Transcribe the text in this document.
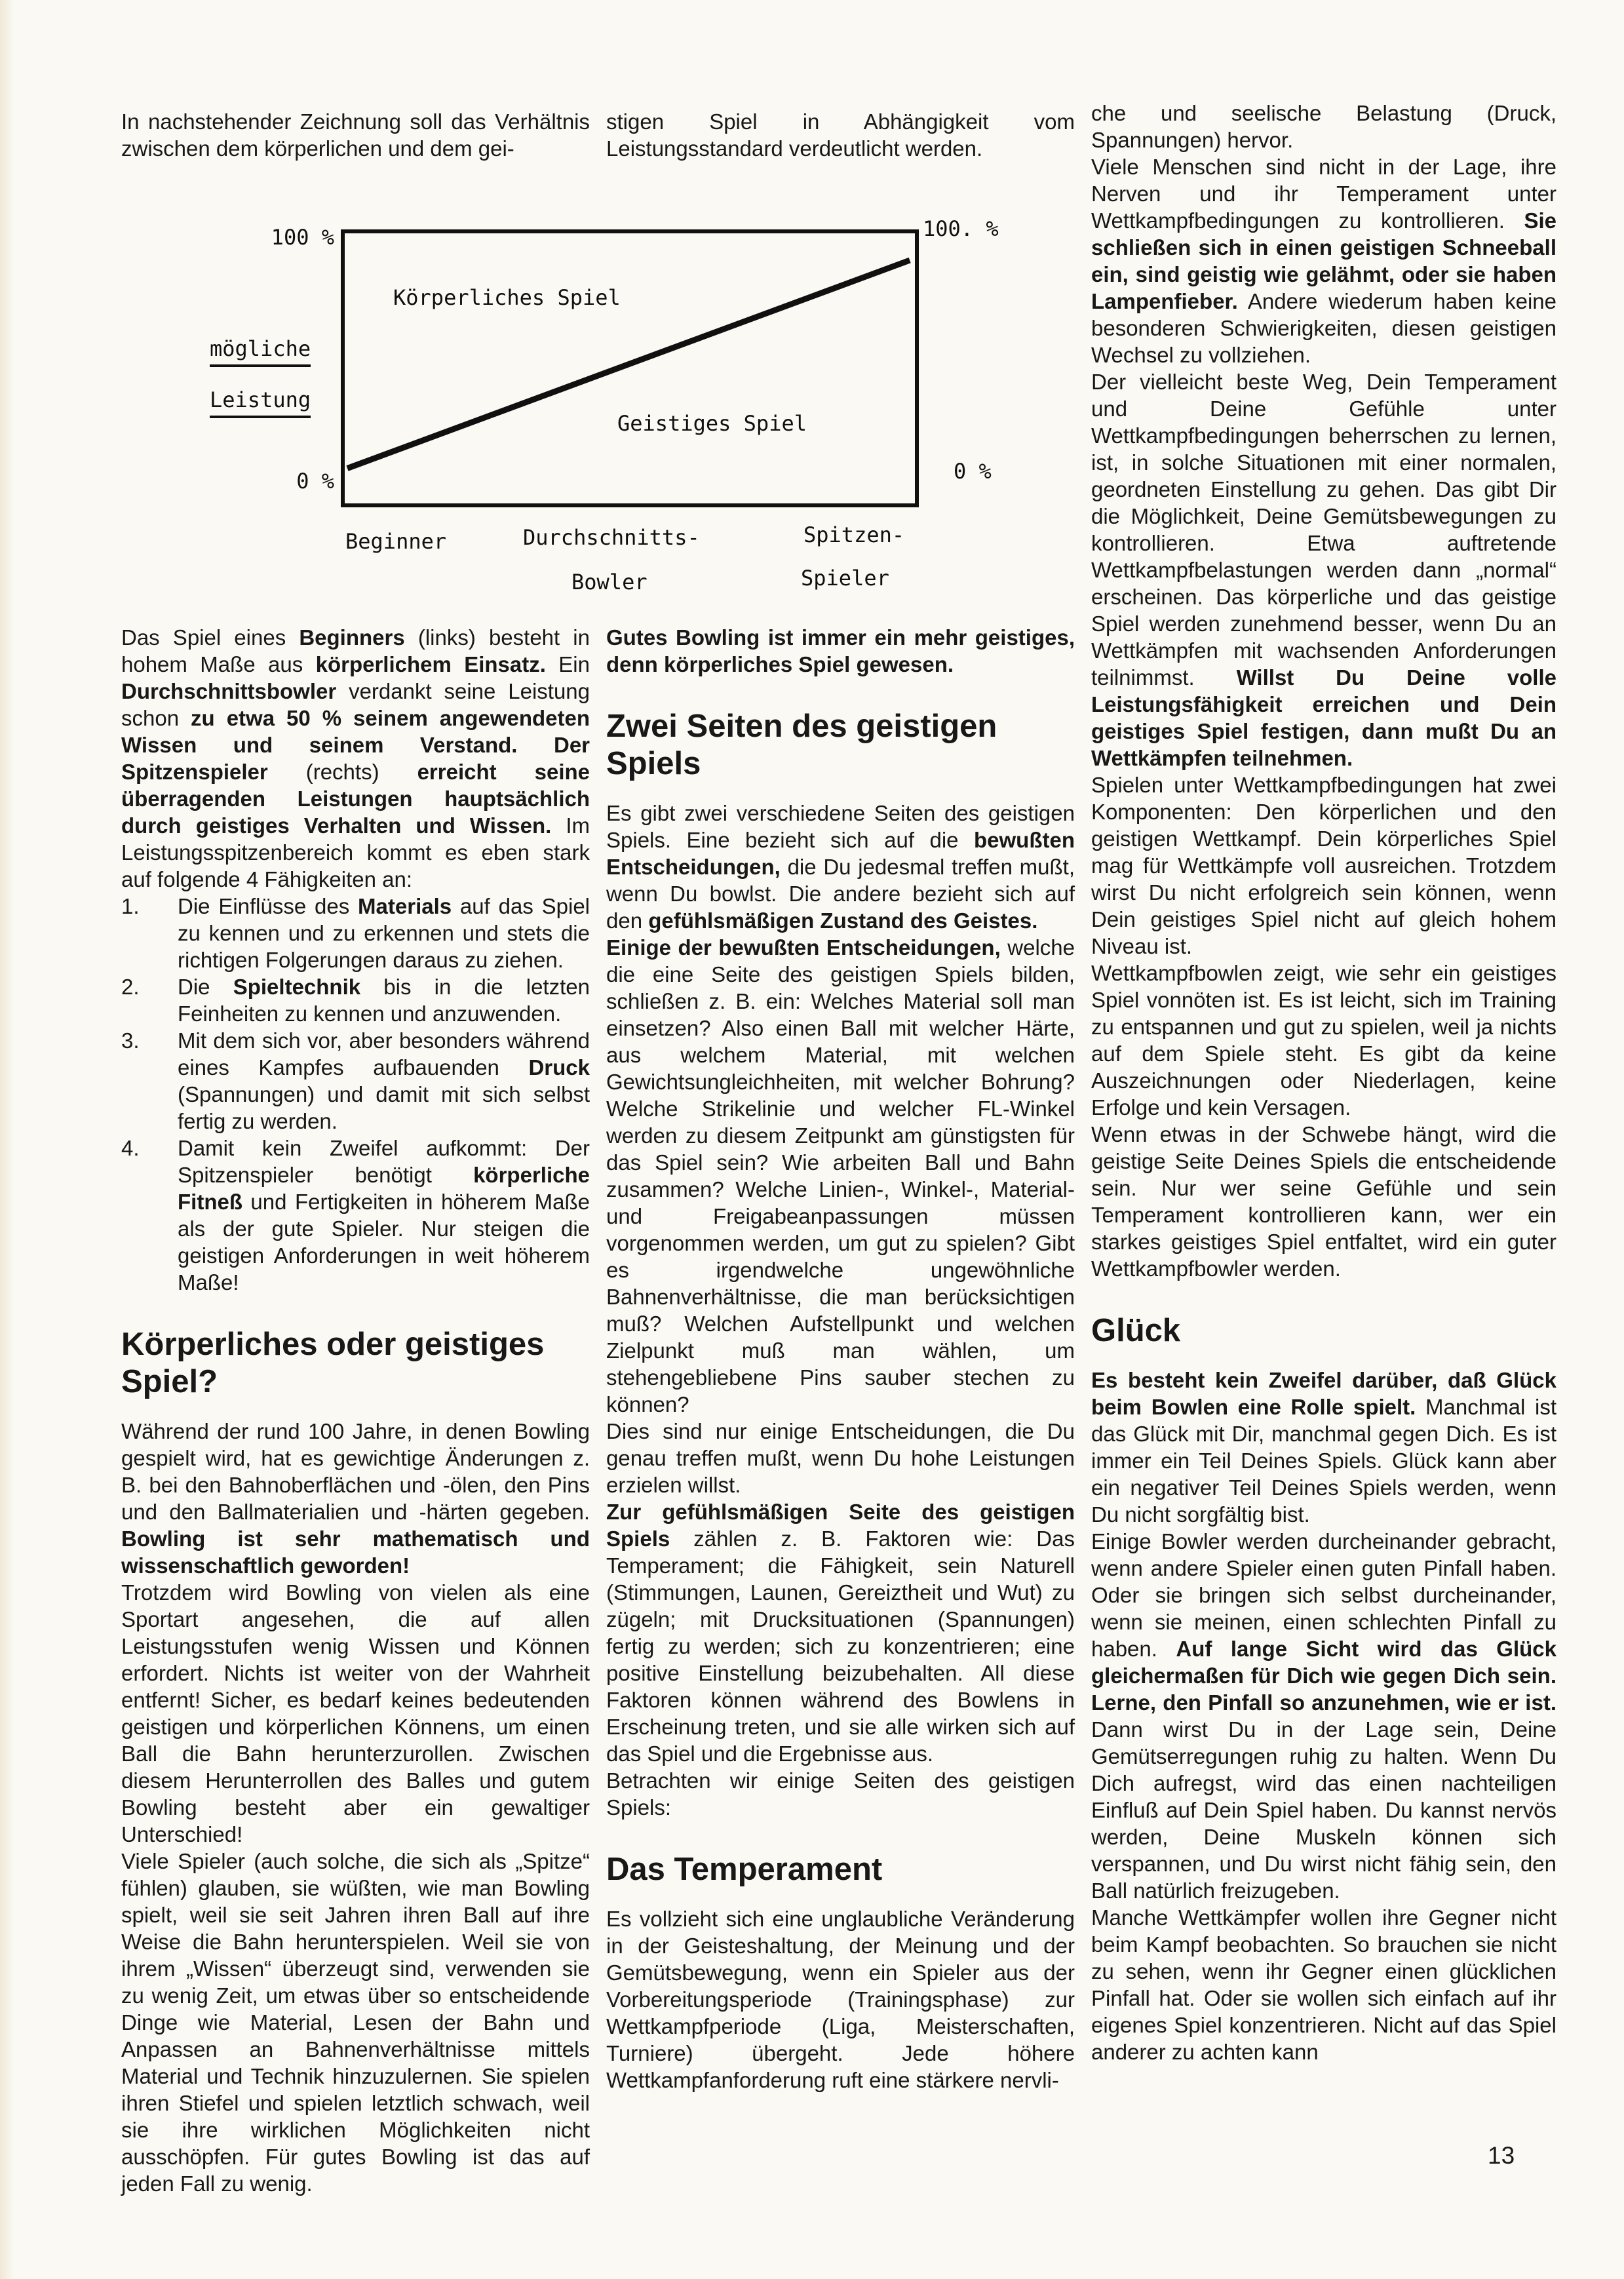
In nachstehender Zeichnung soll das Verhältnis zwischen dem körperlichen und dem gei-
stigen Spiel in Abhängigkeit vom Leistungsstandard verdeutlicht werden.
100 %	100. %
0 %	0 %
mögliche
Leistung
Körperliches Spiel
Geistiges Spiel
Beginner	Durchschnitts-
Bowler
Spitzen-
Spieler

Das Spiel eines Beginners (links) besteht in hohem Maße aus körperlichem Einsatz. Ein Durchschnittsbowler verdankt seine Leistung schon zu etwa 50 % seinem angewendeten Wissen und seinem Verstand. Der Spitzenspieler (rechts) erreicht seine überragenden Leistungen hauptsächlich durch geistiges Verhalten und Wissen. Im Leistungsspitzenbereich kommt es eben stark auf folgende 4 Fähigkeiten an:

1.	Die Einflüsse des Materials auf das Spiel zu kennen und zu erkennen und stets die richtigen Folgerungen daraus zu ziehen.
2.	Die Spieltechnik bis in die letzten Feinheiten zu kennen und anzuwenden.
3.	Mit dem sich vor, aber besonders während eines Kampfes aufbauenden Druck (Spannungen) und damit mit sich selbst fertig zu werden.
4.	Damit kein Zweifel aufkommt: Der Spitzenspieler benötigt körperliche Fitneß und Fertigkeiten in höherem Maße als der gute Spieler. Nur steigen die geistigen Anforderungen in weit höherem Maße!
Körperliches oder geistiges Spiel?

Während der rund 100 Jahre, in denen Bowling gespielt wird, hat es gewichtige Änderungen z. B. bei den Bahnoberflächen und -ölen, den Pins und den Ballmaterialien und -härten gegeben. Bowling ist sehr mathematisch und wissenschaftlich geworden!

Trotzdem wird Bowling von vielen als eine Sportart angesehen, die auf allen Leistungsstufen wenig Wissen und Können erfordert. Nichts ist weiter von der Wahrheit entfernt! Sicher, es bedarf keines bedeutenden geistigen und körperlichen Könnens, um einen Ball die Bahn herunterzurollen. Zwischen diesem Herunterrollen des Balles und gutem Bowling besteht aber ein gewaltiger Unterschied!

Viele Spieler (auch solche, die sich als „Spitze“ fühlen) glauben, sie wüßten, wie man Bowling spielt, weil sie seit Jahren ihren Ball auf ihre Weise die Bahn herunterspielen. Weil sie von ihrem „Wissen“ überzeugt sind, verwenden sie zu wenig Zeit, um etwas über so entscheidende Dinge wie Material, Lesen der Bahn und Anpassen an Bahnenverhältnisse mittels Material und Technik hinzuzulernen. Sie spielen ihren Stiefel und spielen letztlich schwach, weil sie ihre wirklichen Möglichkeiten nicht ausschöpfen. Für gutes Bowling ist das auf jeden Fall zu wenig.

Gutes Bowling ist immer ein mehr geistiges, denn körperliches Spiel gewesen.

Zwei Seiten des geistigen Spiels

Es gibt zwei verschiedene Seiten des geistigen Spiels. Eine bezieht sich auf die bewußten Entscheidungen, die Du jedesmal treffen mußt, wenn Du bowlst. Die andere bezieht sich auf den gefühlsmäßigen Zustand des Geistes.

Einige der bewußten Entscheidungen, welche die eine Seite des geistigen Spiels bilden, schließen z. B. ein: Welches Material soll man einsetzen? Also einen Ball mit welcher Härte, aus welchem Material, mit welchen Gewichtsungleichheiten, mit welcher Bohrung? Welche Strikelinie und welcher FL-Winkel werden zu diesem Zeitpunkt am günstigsten für das Spiel sein? Wie arbeiten Ball und Bahn zusammen? Welche Linien-, Winkel-, Material- und Freigabeanpassungen müssen vorgenommen werden, um gut zu spielen? Gibt es irgendwelche ungewöhnliche Bahnenverhältnisse, die man berücksichtigen muß? Welchen Aufstellpunkt und welchen Zielpunkt muß man wählen, um stehengebliebene Pins sauber stechen zu können?

Dies sind nur einige Entscheidungen, die Du genau treffen mußt, wenn Du hohe Leistungen erzielen willst.

Zur gefühlsmäßigen Seite des geistigen Spiels zählen z. B. Faktoren wie: Das Temperament; die Fähigkeit, sein Naturell (Stimmungen, Launen, Gereiztheit und Wut) zu zügeln; mit Drucksituationen (Spannungen) fertig zu werden; sich zu konzentrieren; eine positive Einstellung beizubehalten. All diese Faktoren können während des Bowlens in Erscheinung treten, und sie alle wirken sich auf das Spiel und die Ergebnisse aus.

Betrachten wir einige Seiten des geistigen Spiels:

Das Temperament

Es vollzieht sich eine unglaubliche Veränderung in der Geisteshaltung, der Meinung und der Gemütsbewegung, wenn ein Spieler aus der Vorbereitungsperiode (Trainingsphase) zur Wettkampfperiode (Liga, Meisterschaften, Turniere) übergeht. Jede höhere Wettkampfanforderung ruft eine stärkere nervli-

che und seelische Belastung (Druck, Spannungen) hervor.

Viele Menschen sind nicht in der Lage, ihre Nerven und ihr Temperament unter Wettkampfbedingungen zu kontrollieren. Sie schließen sich in einen geistigen Schneeball ein, sind geistig wie gelähmt, oder sie haben Lampenfieber. Andere wiederum haben keine besonderen Schwierigkeiten, diesen geistigen Wechsel zu vollziehen.

Der vielleicht beste Weg, Dein Temperament und Deine Gefühle unter Wettkampfbedingungen beherrschen zu lernen, ist, in solche Situationen mit einer normalen, geordneten Einstellung zu gehen. Das gibt Dir die Möglichkeit, Deine Gemütsbewegungen zu kontrollieren. Etwa auftretende Wettkampfbelastungen werden dann „normal“ erscheinen. Das körperliche und das geistige Spiel werden zunehmend besser, wenn Du an Wettkämpfen mit wachsenden Anforderungen teilnimmst. Willst Du Deine volle Leistungsfähigkeit erreichen und Dein geistiges Spiel festigen, dann mußt Du an Wettkämpfen teilnehmen.

Spielen unter Wettkampfbedingungen hat zwei Komponenten: Den körperlichen und den geistigen Wettkampf. Dein körperliches Spiel mag für Wettkämpfe voll ausreichen. Trotzdem wirst Du nicht erfolgreich sein können, wenn Dein geistiges Spiel nicht auf gleich hohem Niveau ist.

Wettkampfbowlen zeigt, wie sehr ein geistiges Spiel vonnöten ist. Es ist leicht, sich im Training zu entspannen und gut zu spielen, weil ja nichts auf dem Spiele steht. Es gibt da keine Auszeichnungen oder Niederlagen, keine Erfolge und kein Versagen.

Wenn etwas in der Schwebe hängt, wird die geistige Seite Deines Spiels die entscheidende sein. Nur wer seine Gefühle und sein Temperament kontrollieren kann, wer ein starkes geistiges Spiel entfaltet, wird ein guter Wettkampfbowler werden.

Glück

Es besteht kein Zweifel darüber, daß Glück beim Bowlen eine Rolle spielt. Manchmal ist das Glück mit Dir, manchmal gegen Dich. Es ist immer ein Teil Deines Spiels. Glück kann aber ein negativer Teil Deines Spiels werden, wenn Du nicht sorgfältig bist.

Einige Bowler werden durcheinander gebracht, wenn andere Spieler einen guten Pinfall haben. Oder sie bringen sich selbst durcheinander, wenn sie meinen, einen schlechten Pinfall zu haben. Auf lange Sicht wird das Glück gleichermaßen für Dich wie gegen Dich sein. Lerne, den Pinfall so anzunehmen, wie er ist. Dann wirst Du in der Lage sein, Deine Gemütserregungen ruhig zu halten. Wenn Du Dich aufregst, wird das einen nachteiligen Einfluß auf Dein Spiel haben. Du kannst nervös werden, Deine Muskeln können sich verspannen, und Du wirst nicht fähig sein, den Ball natürlich freizugeben.

Manche Wettkämpfer wollen ihre Gegner nicht beim Kampf beobachten. So brauchen sie nicht zu sehen, wenn ihr Gegner einen glücklichen Pinfall hat. Oder sie wollen sich einfach auf ihr eigenes Spiel konzentrieren. Nicht auf das Spiel anderer zu achten kann

13
